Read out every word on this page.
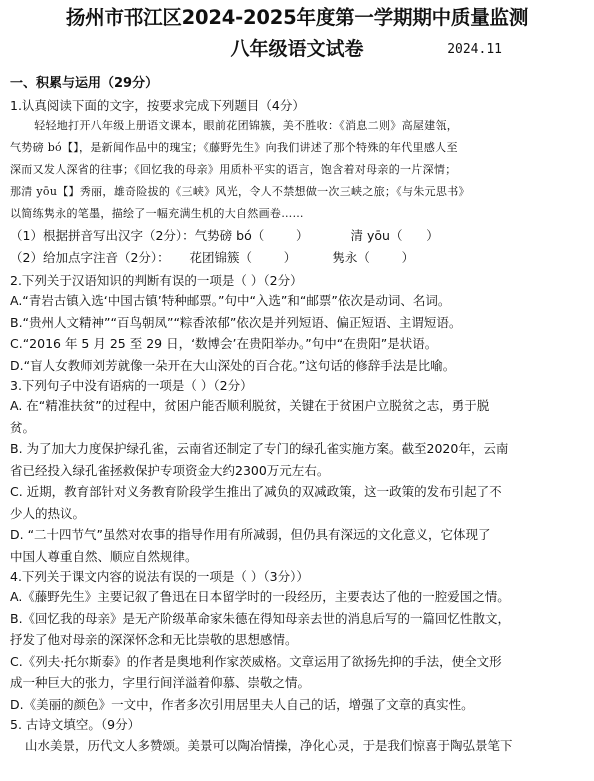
扬州市邗江区2024-2025年度第一学期期中质量监测
八年级语文试卷	2024.11
一、积累与运用（29分）
1.认真阅读下面的文字，按要求完成下列题目（4分）

轻轻地打开八年级上册语文课本，眼前花团锦簇，美不胜收：《消息二则》高屋建瓴，

气势磅 bó【】，是新闻作品中的瑰宝；《藤野先生》向我们讲述了那个特殊的年代里感人至

深而又发人深省的往事；《回忆我的母亲》用质朴平实的语言，饱含着对母亲的一片深情；

那清 yōu【】秀丽，雄奇险拔的《三峡》风光，令人不禁想做一次三峡之旅；《与朱元思书》

以简练隽永的笔墨，描绘了一幅充满生机的大自然画卷……

（1）根据拼音写出汉字（2分）：气势磅 bó（        ）	清 yōu（      ）
（2）给加点字注音（2分）：     花团锦簇（        ）	隽永（        ）
2.下列关于汉语知识的判断有误的一项是（ ）（2分）

A.“青岩古镇入选‘中国古镇’特种邮票。”句中“入选”和“邮票”依次是动词、名词。

B.“贵州人文精神”“百鸟朝凤”“粽香浓郁”依次是并列短语、偏正短语、主谓短语。

C.“2016 年 5 月 25 至 29 日，‘数博会’在贵阳举办。”句中“在贵阳”是状语。

D.“盲人女教师刘芳就像一朵开在大山深处的百合花。”这句话的修辞手法是比喻。

3.下列句子中没有语病的一项是（ ）（2分）

A. 在“精准扶贫”的过程中，贫困户能否顺利脱贫，关键在于贫困户立脱贫之志，勇于脱

贫。

B. 为了加大力度保护绿孔雀，云南省还制定了专门的绿孔雀实施方案。截至2020年，云南

省已经投入绿孔雀拯救保护专项资金大约2300万元左右。

C. 近期，教育部针对义务教育阶段学生推出了减负的双减政策，这一政策的发布引起了不

少人的热议。

D. “二十四节气”虽然对农事的指导作用有所减弱，但仍具有深远的文化意义，它体现了

中国人尊重自然、顺应自然规律。

4.下列关于课文内容的说法有误的一项是（ ）（3分））

A.《藤野先生》主要记叙了鲁迅在日本留学时的一段经历，主要表达了他的一腔爱国之情。

B.《回忆我的母亲》是无产阶级革命家朱德在得知母亲去世的消息后写的一篇回忆性散文，

抒发了他对母亲的深深怀念和无比崇敬的思想感情。

C.《列夫·托尔斯泰》的作者是奥地利作家茨威格。文章运用了欲扬先抑的手法，使全文形

成一种巨大的张力，字里行间洋溢着仰慕、崇敬之情。

D.《美丽的颜色》一文中，作者多次引用居里夫人自己的话，增强了文章的真实性。

5. 古诗文填空。（9分）

山水美景，历代文人多赞颂。美景可以陶冶情操，净化心灵，于是我们惊喜于陶弘景笔下
